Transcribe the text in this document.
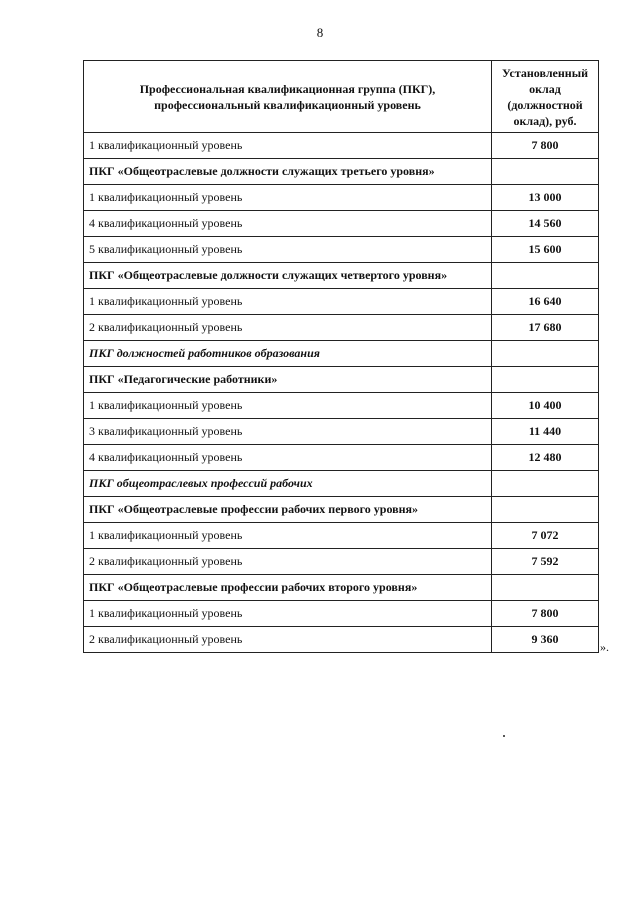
8
Профессиональная квалификационная группа (ПКГ), профессиональный квалификационный уровень	Установленный оклад (должностной оклад), руб.
1 квалификационный уровень	7 800
ПКГ «Общеотраслевые должности служащих третьего уровня»	
1 квалификационный уровень	13 000
4 квалификационный уровень	14 560
5 квалификационный уровень	15 600
ПКГ «Общеотраслевые должности служащих четвертого уровня»	
1 квалификационный уровень	16 640
2 квалификационный уровень	17 680
ПКГ должностей работников образования	
ПКГ «Педагогические работники»	
1 квалификационный уровень	10 400
3 квалификационный уровень	11 440
4 квалификационный уровень	12 480
ПКГ общеотраслевых профессий рабочих	
ПКГ «Общеотраслевые профессии рабочих первого уровня»	
1 квалификационный уровень	7 072
2 квалификационный уровень	7 592
ПКГ «Общеотраслевые профессии рабочих второго уровня»	
1 квалификационный уровень	7 800
2 квалификационный уровень	9 360
».
